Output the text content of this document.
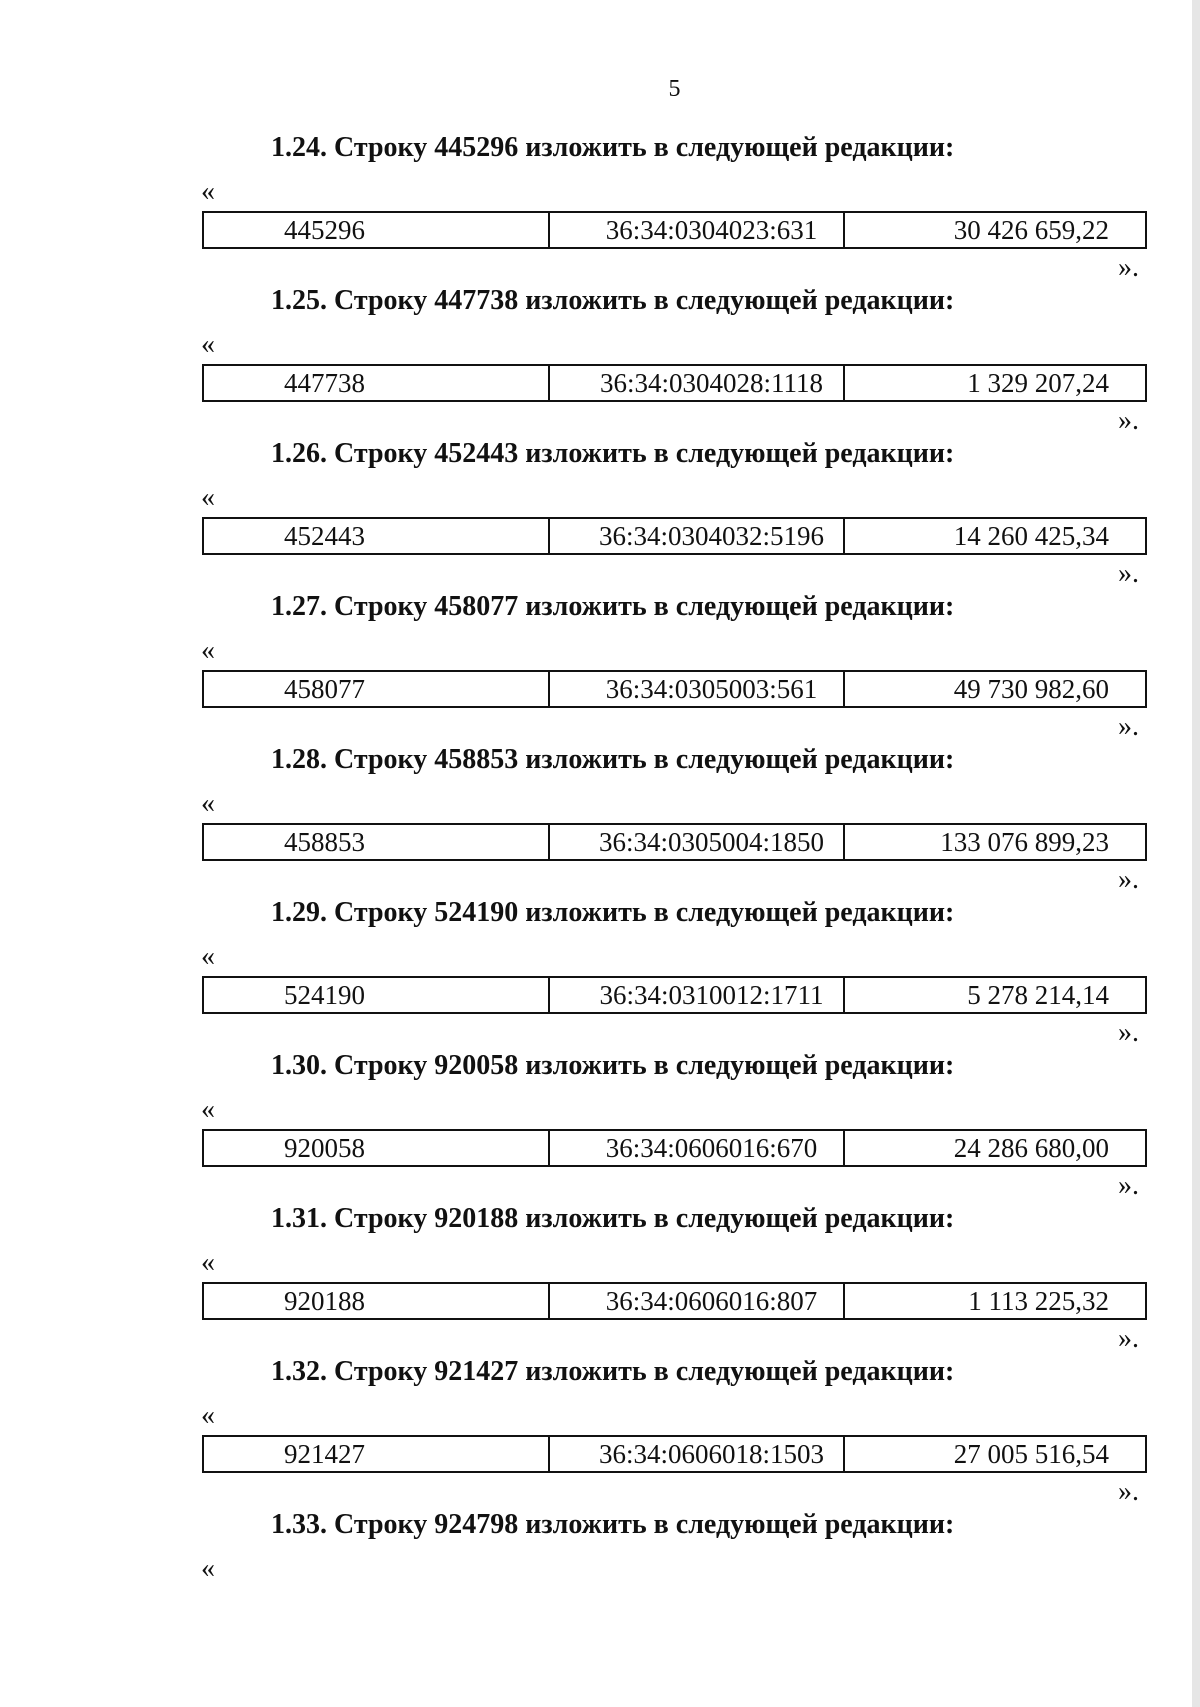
5
1.24. Строку 445296 изложить в следующей редакции:
«
445296	36:34:0304023:631	30 426 659,22
».
1.25. Строку 447738 изложить в следующей редакции:
«
447738	36:34:0304028:1118	1 329 207,24
».
1.26. Строку 452443 изложить в следующей редакции:
«
452443	36:34:0304032:5196	14 260 425,34
».
1.27. Строку 458077 изложить в следующей редакции:
«
458077	36:34:0305003:561	49 730 982,60
».
1.28. Строку 458853 изложить в следующей редакции:
«
458853	36:34:0305004:1850	133 076 899,23
».
1.29. Строку 524190 изложить в следующей редакции:
«
524190	36:34:0310012:1711	5 278 214,14
».
1.30. Строку 920058 изложить в следующей редакции:
«
920058	36:34:0606016:670	24 286 680,00
».
1.31. Строку 920188 изложить в следующей редакции:
«
920188	36:34:0606016:807	1 113 225,32
».
1.32. Строку 921427 изложить в следующей редакции:
«
921427	36:34:0606018:1503	27 005 516,54
».
1.33. Строку 924798 изложить в следующей редакции:
«
